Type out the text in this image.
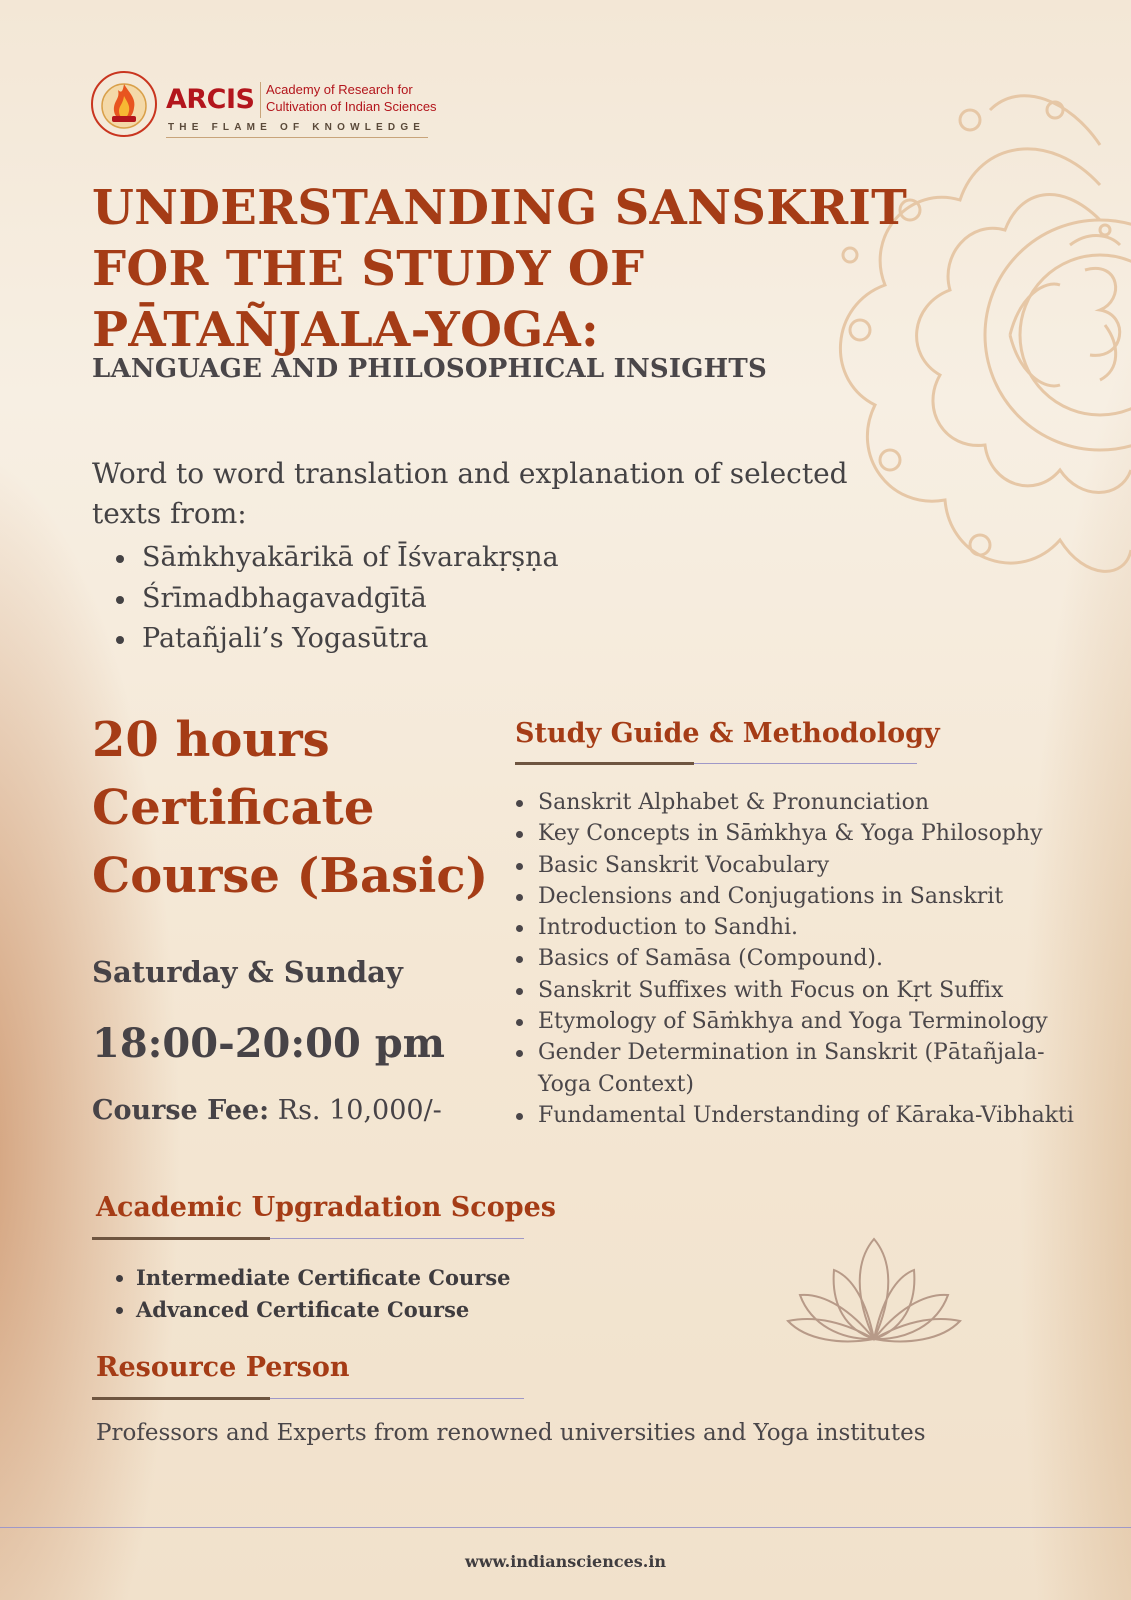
ARCIS Academy of Research for
Cultivation of Indian Sciences
THE FLAME OF KNOWLEDGE
UNDERSTANDING SANSKRIT
FOR THE STUDY OF
PĀTAÑJALA-YOGA:
LANGUAGE AND PHILOSOPHICAL INSIGHTS
Word to word translation and explanation of selected texts from:
Sāṁkhyakārikā of Īśvarakṛṣṇa
Śrīmadbhagavadgītā
Patañjali’s Yogasūtra
20 hours
Certificate
Course (Basic)
Saturday & Sunday
18:00-20:00 pm
Course Fee: Rs. 10,000/-
Study Guide & Methodology
Sanskrit Alphabet & Pronunciation
Key Concepts in Sāṁkhya & Yoga Philosophy
Basic Sanskrit Vocabulary
Declensions and Conjugations in Sanskrit
Introduction to Sandhi.
Basics of Samāsa (Compound).
Sanskrit Suffixes with Focus on Kṛt Suffix
Etymology of Sāṁkhya and Yoga Terminology
Gender Determination in Sanskrit (Pātañjala-Yoga Context)
Fundamental Understanding of Kāraka-Vibhakti
Academic Upgradation Scopes
Intermediate Certificate Course
Advanced Certificate Course
Resource Person
Professors and Experts from renowned universities and Yoga institutes
www.indiansciences.in
